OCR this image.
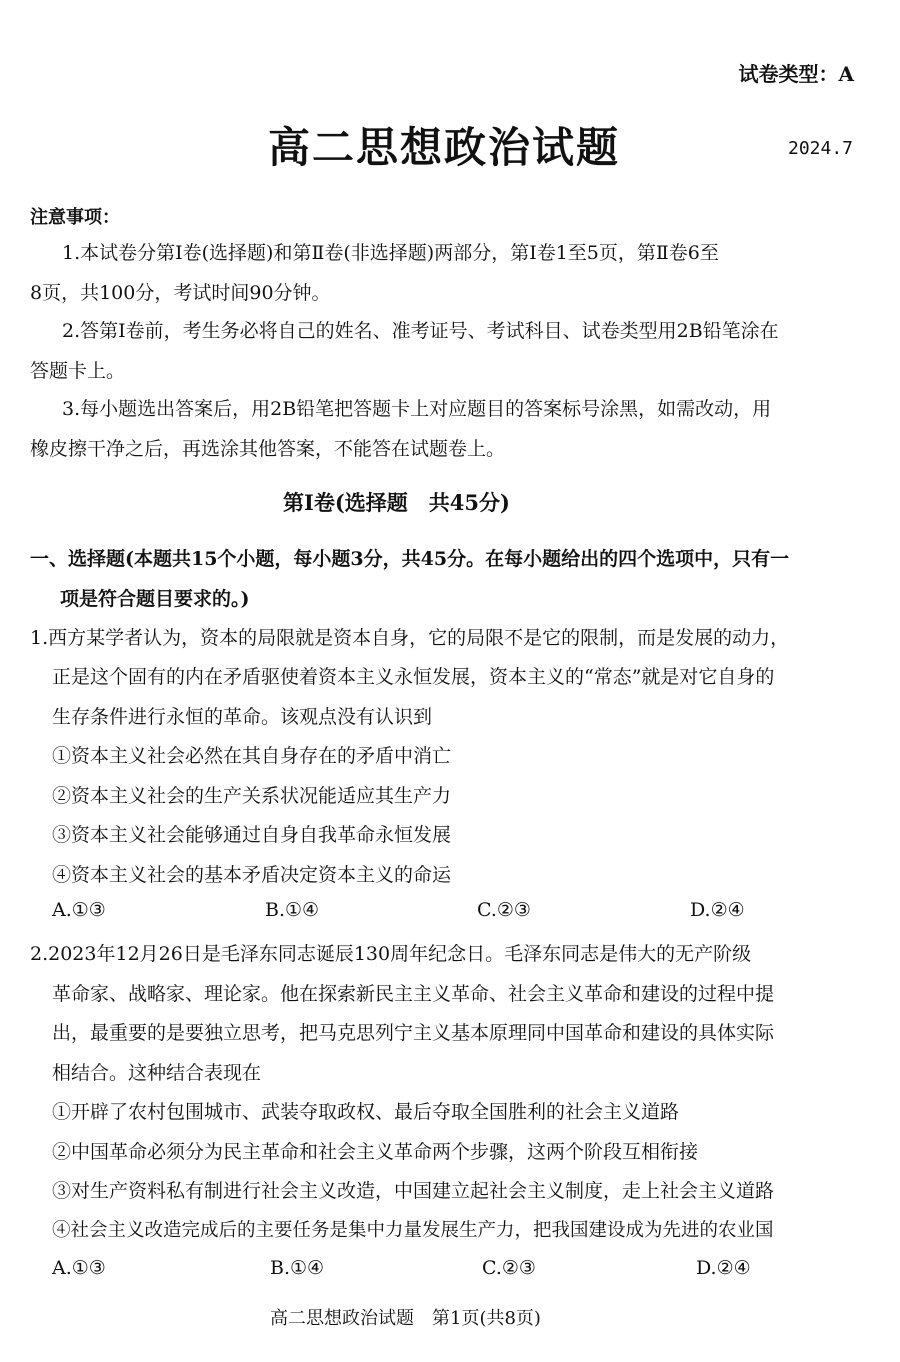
试卷类型：A
高二思想政治试题	2024.7
注意事项：
1.本试卷分第Ⅰ卷(选择题)和第Ⅱ卷(非选择题)两部分，第Ⅰ卷1至5页，第Ⅱ卷6至
8页，共100分，考试时间90分钟。
2.答第Ⅰ卷前，考生务必将自己的姓名、准考证号、考试科目、试卷类型用2B铅笔涂在
答题卡上。
3.每小题选出答案后，用2B铅笔把答题卡上对应题目的答案标号涂黑，如需改动，用
橡皮擦干净之后，再选涂其他答案，不能答在试题卷上。
第Ⅰ卷(选择题　共45分)
一、选择题(本题共15个小题，每小题3分，共45分。在每小题给出的四个选项中，只有一
项是符合题目要求的。)
1.西方某学者认为，资本的局限就是资本自身，它的局限不是它的限制，而是发展的动力，
正是这个固有的内在矛盾驱使着资本主义永恒发展，资本主义的“常态”就是对它自身的
生存条件进行永恒的革命。该观点没有认识到
①资本主义社会必然在其自身存在的矛盾中消亡
②资本主义社会的生产关系状况能适应其生产力
③资本主义社会能够通过自身自我革命永恒发展
④资本主义社会的基本矛盾决定资本主义的命运
A.①③	B.①④	C.②③	D.②④
2.2023年12月26日是毛泽东同志诞辰130周年纪念日。毛泽东同志是伟大的无产阶级
革命家、战略家、理论家。他在探索新民主主义革命、社会主义革命和建设的过程中提
出，最重要的是要独立思考，把马克思列宁主义基本原理同中国革命和建设的具体实际
相结合。这种结合表现在
①开辟了农村包围城市、武装夺取政权、最后夺取全国胜利的社会主义道路
②中国革命必须分为民主革命和社会主义革命两个步骤，这两个阶段互相衔接
③对生产资料私有制进行社会主义改造，中国建立起社会主义制度，走上社会主义道路
④社会主义改造完成后的主要任务是集中力量发展生产力，把我国建设成为先进的农业国
A.①③	B.①④	C.②③	D.②④
高二思想政治试题　第1页(共8页)
